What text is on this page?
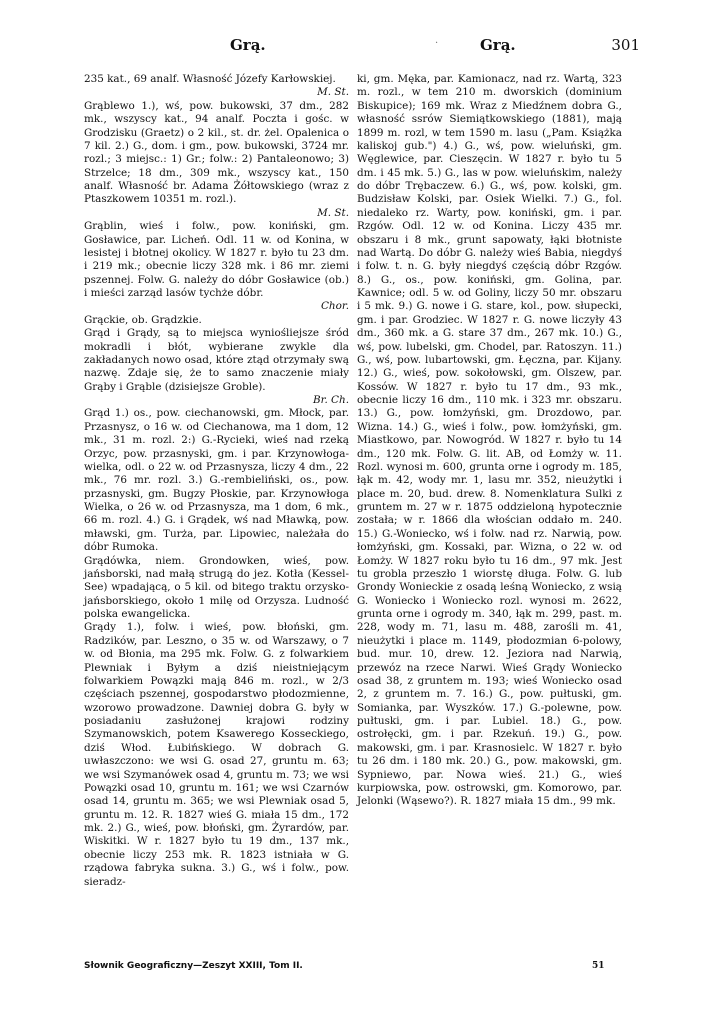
Grą.	·	Grą.	301

235 kat., 69 analf. Własność Józefy Karłowskiej.

M. St.

Grąblewo 1.), wś, pow. bukowski, 37 dm., 282 mk., wszyscy kat., 94 analf. Poczta i gośc. w Grodzisku (Graetz) o 2 kil., st. dr. żel. Opalenica o 7 kil. 2.) G., dom. i gm., pow. bukowski, 3724 mr. rozl.; 3 miejsc.: 1) Gr.; folw.: 2) Pantaleonowo; 3) Strzelce; 18 dm., 309 mk., wszyscy kat., 150 analf. Własność br. Adama Żółtowskiego (wraz z Ptaszkowem 10351 m. rozl.).

M. St.

Grąblin, wieś i folw., pow. koniński, gm. Gosławice, par. Licheń. Odl. 11 w. od Konina, w lesistej i błotnej okolicy. W 1827 r. było tu 23 dm. i 219 mk.; obecnie liczy 328 mk. i 86 mr. ziemi pszennej. Folw. G. należy do dóbr Gosławice (ob.) i mieści zarząd lasów tychże dóbr.

Chor.

Grąckie, ob. Grądzkie.

Grąd i Grądy, są to miejsca wyniośliejsze śród mokradli i błót, wybierane zwykle dla zakładanych nowo osad, które ztąd otrzymały swą nazwę. Zdaje się, że to samo znaczenie miały Grąby i Grąble (dzisiejsze Groble).

Br. Ch.

Grąd 1.) os., pow. ciechanowski, gm. Młock, par. Przasnysz, o 16 w. od Ciechanowa, ma 1 dom, 12 mk., 31 m. rozl. 2:) G.-Rycieki, wieś nad rzeką Orzyc, pow. przasnyski, gm. i par. Krzynowłoga-wielka, odl. o 22 w. od Przasnysza, liczy 4 dm., 22 mk., 76 mr. rozl. 3.) G.-rembieliński, os., pow. przasnyski, gm. Bugzy Płoskie, par. Krzynowłoga Wielka, o 26 w. od Przasnysza, ma 1 dom, 6 mk., 66 m. rozl. 4.) G. i Grądek, wś nad Mławką, pow. mławski, gm. Turża, par. Lipowiec, należała do dóbr Rumoka.

Grądówka, niem. Grondowken, wieś, pow. jańsborski, nad małą strugą do jez. Kotła (Kessel-See) wpadającą, o 5 kil. od bitego traktu orzysko-jańsborskiego, około 1 milę od Orzysza. Ludność polska ewangelicka.

Grądy 1.), folw. i wieś, pow. błoński, gm. Radzików, par. Leszno, o 35 w. od Warszawy, o 7 w. od Błonia, ma 295 mk. Folw. G. z folwarkiem Plewniak i Byłym a dziś nieistniejącym folwarkiem Powązki mają 846 m. rozl., w 2/3 częściach pszennej, gospodarstwo płodozmienne, wzorowo prowadzone. Dawniej dobra G. były w posiadaniu zasłużonej krajowi rodziny Szymanowskich, potem Ksawerego Kosseckiego, dziś Włod. Łubińskiego. W dobrach G. uwłaszczono: we wsi G. osad 27, gruntu m. 63; we wsi Szymanówek osad 4, gruntu m. 73; we wsi Powązki osad 10, gruntu m. 161; we wsi Czarnów osad 14, gruntu m. 365; we wsi Plewniak osad 5, gruntu m. 12. R. 1827 wieś G. miała 15 dm., 172 mk. 2.) G., wieś, pow. błoński, gm. Żyrardów, par. Wiskitki. W r. 1827 było tu 19 dm., 137 mk., obecnie liczy 253 mk. R. 1823 istniała w G. rządowa fabryka sukna. 3.) G., wś i folw., pow. sieradz-

ki, gm. Męka, par. Kamionacz, nad rz. Wartą, 323 m. rozl., w tem 210 m. dworskich (dominium Biskupice); 169 mk. Wraz z Miedźnem dobra G., własność ssrów Siemiątkowskiego (1881), mają 1899 m. rozl, w tem 1590 m. lasu („Pam. Książka kaliskoj gub.") 4.) G., wś, pow. wieluński, gm. Węglewice, par. Cieszęcin. W 1827 r. było tu 5 dm. i 45 mk. 5.) G., las w pow. wieluńskim, należy do dóbr Trębaczew. 6.) G., wś, pow. kolski, gm. Budzisław Kolski, par. Osiek Wielki. 7.) G., fol. niedaleko rz. Warty, pow. koniński, gm. i par. Rzgów. Odl. 12 w. od Konina. Liczy 435 mr. obszaru i 8 mk., grunt sapowaty, łąki błotniste nad Wartą. Do dóbr G. należy wieś Babia, niegdyś i folw. t. n. G. były niegdyś częścią dóbr Rzgów. 8.) G., os., pow. koniński, gm. Golina, par. Kawnice; odl. 5 w. od Goliny, liczy 50 mr. obszaru i 5 mk. 9.) G. nowe i G. stare, kol., pow. słupecki, gm. i par. Grodziec. W 1827 r. G. nowe liczyły 43 dm., 360 mk. a G. stare 37 dm., 267 mk. 10.) G., wś, pow. lubelski, gm. Chodel, par. Ratoszyn. 11.) G., wś, pow. lubartowski, gm. Łęczna, par. Kijany. 12.) G., wieś, pow. sokołowski, gm. Olszew, par. Kossów. W 1827 r. było tu 17 dm., 93 mk., obecnie liczy 16 dm., 110 mk. i 323 mr. obszaru. 13.) G., pow. łomżyński, gm. Drozdowo, par. Wizna. 14.) G., wieś i folw., pow. łomżyński, gm. Miastkowo, par. Nowogród. W 1827 r. było tu 14 dm., 120 mk. Folw. G. lit. AB, od Łomży w. 11. Rozl. wynosi m. 600, grunta orne i ogrody m. 185, łąk m. 42, wody mr. 1, lasu mr. 352, nieużytki i place m. 20, bud. drew. 8. Nomenklatura Sulki z gruntem m. 27 w r. 1875 oddzieloną hypotecznie została; w r. 1866 dla włościan oddało m. 240. 15.) G.-Woniecko, wś i folw. nad rz. Narwią, pow. łomżyński, gm. Kossaki, par. Wizna, o 22 w. od Łomży. W 1827 roku było tu 16 dm., 97 mk. Jest tu grobla przeszło 1 wiorstę długa. Folw. G. lub Grondy Wonieckie z osadą leśną Woniecko, z wsią G. Woniecko i Woniecko rozl. wynosi m. 2622, grunta orne i ogrody m. 340, łąk m. 299, past. m. 228, wody m. 71, lasu m. 488, zarośli m. 41, nieużytki i place m. 1149, płodozmian 6-polowy, bud. mur. 10, drew. 12. Jeziora nad Narwią, przewóz na rzece Narwi. Wieś Grądy Woniecko osad 38, z gruntem m. 193; wieś Woniecko osad 2, z gruntem m. 7. 16.) G., pow. pułtuski, gm. Somianka, par. Wyszków. 17.) G.-polewne, pow. pułtuski, gm. i par. Lubiel. 18.) G., pow. ostrołęcki, gm. i par. Rzekuń. 19.) G., pow. makowski, gm. i par. Krasnosielc. W 1827 r. było tu 26 dm. i 180 mk. 20.) G., pow. makowski, gm. Sypniewo, par. Nowa wieś. 21.) G., wieś kurpiowska, pow. ostrowski, gm. Komorowo, par. Jelonki (Wąsewo?). R. 1827 miała 15 dm., 99 mk.

Słownik Geograficzny—Zeszyt XXIII, Tom II.	51
